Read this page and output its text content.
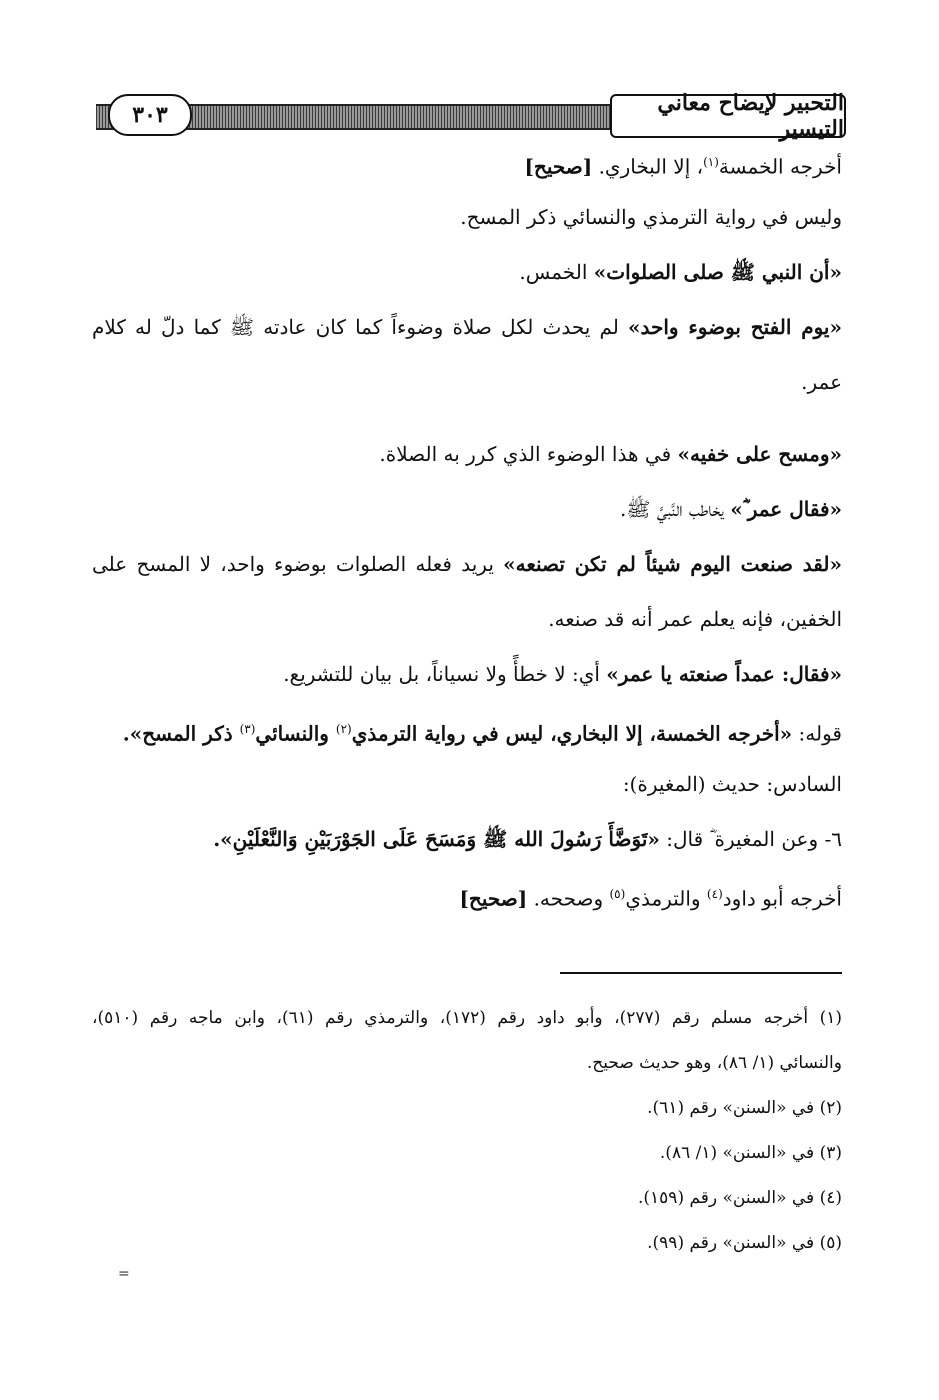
٣٠٣	التحبير لإيضاح معاني التيسير
أخرجه الخمسة$^{(١)}$، إلا البخاري. [صحيح]
وليس في رواية الترمذي والنسائي ذكر المسح.
«أن النبي ﷺ صلى الصلوات» الخمس.
«يوم الفتح بوضوء واحد» لم يحدث لكل صلاة وضوءاً كما كان عادته ﷺ كما دلّ له كلام
عمر.
«ومسح على خفيه» في هذا الوضوء الذي كرر به الصلاة.
«فقال عمر ؓ» يخاطب النَّبيَّ ﷺ.
«لقد صنعت اليوم شيئاً لم تكن تصنعه» يريد فعله الصلوات بوضوء واحد، لا المسح على
الخفين، فإنه يعلم عمر أنه قد صنعه.
«فقال: عمداً صنعته يا عمر» أي: لا خطأً ولا نسياناً، بل بيان للتشريع.
قوله: «أخرجه الخمسة، إلا البخاري، ليس في رواية الترمذي$^{(٢)}$ والنسائي$^{(٣)}$ ذكر المسح».
السادس: حديث (المغيرة):
٦- وعن المغيرة ؓ قال: «تَوَضَّأَ رَسُولَ الله ﷺ وَمَسَحَ عَلَى الجَوْرَبَيْنِ وَالنَّعْلَيْنِ».
أخرجه أبو داود$^{(٤)}$ والترمذي$^{(٥)}$ وصححه. [صحيح]
(١) أخرجه مسلم رقم (٢٧٧)، وأبو داود رقم (١٧٢)، والترمذي رقم (٦١)، وابن ماجه رقم (٥١٠)،
والنسائي (١/ ٨٦)، وهو حديث صحيح.
(٢) في «السنن» رقم (٦١).
(٣) في «السنن» (١/ ٨٦).
(٤) في «السنن» رقم (١٥٩).
(٥) في «السنن» رقم (٩٩).
=
